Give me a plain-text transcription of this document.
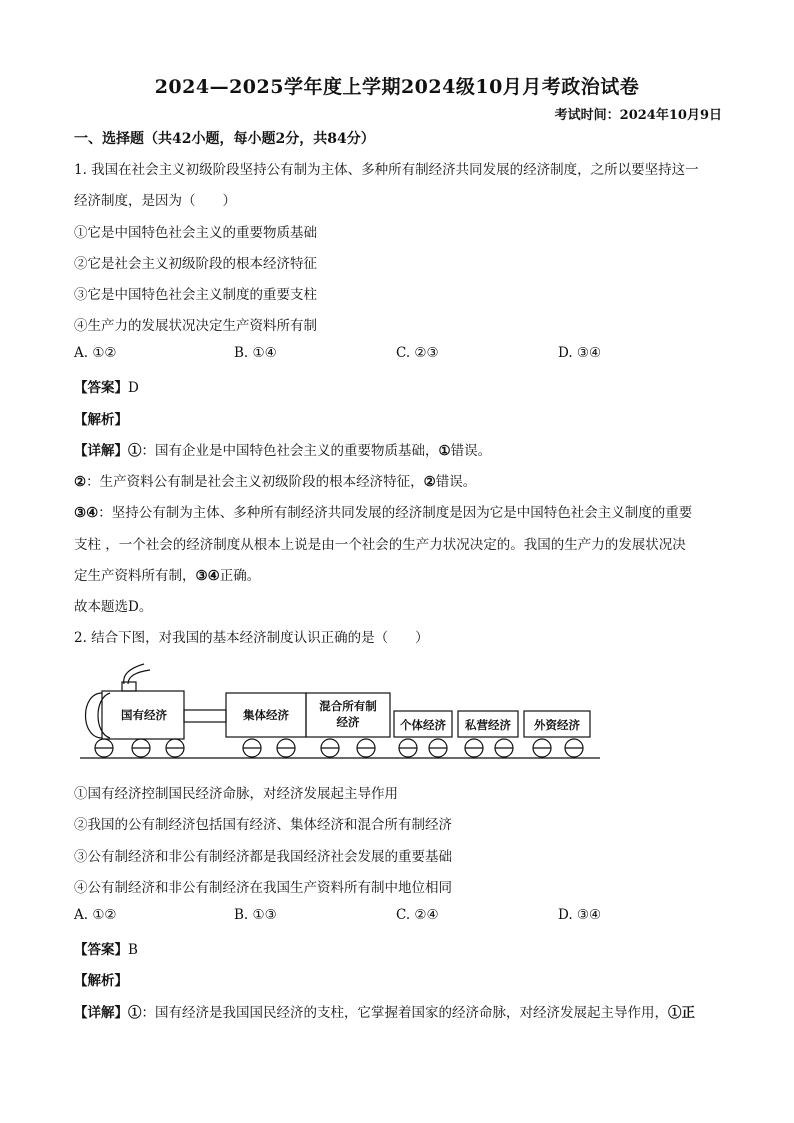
2024—2025学年度上学期2024级10月月考政治试卷
考试时间：2024年10月9日
一、选择题（共42小题，每小题2分，共84分）
1. 我国在社会主义初级阶段坚持公有制为主体、多种所有制经济共同发展的经济制度，之所以要坚持这一
经济制度，是因为（　　）
①它是中国特色社会主义的重要物质基础
②它是社会主义初级阶段的根本经济特征
③它是中国特色社会主义制度的重要支柱
④生产力的发展状况决定生产资料所有制
A. ①②	B. ①④	C. ②③	D. ③④
【答案】D
【解析】
【详解】①：国有企业是中国特色社会主义的重要物质基础，①错误。
②：生产资料公有制是社会主义初级阶段的根本经济特征，②错误。
③④：坚持公有制为主体、多种所有制经济共同发展的经济制度是因为它是中国特色社会主义制度的重要
支柱 ，一个社会的经济制度从根本上说是由一个社会的生产力状况决定的。我国的生产力的发展状况决
定生产资料所有制，③④正确。
故本题选D。
2. 结合下图，对我国的基本经济制度认识正确的是（　　）
国有经济	集体经济
混合所有制
经济	个体经济 私营经济 外资经济
①国有经济控制国民经济命脉，对经济发展起主导作用
②我国的公有制经济包括国有经济、集体经济和混合所有制经济
③公有制经济和非公有制经济都是我国经济社会发展的重要基础
④公有制经济和非公有制经济在我国生产资料所有制中地位相同
A. ①②	B. ①③	C. ②④	D. ③④
【答案】B
【解析】
【详解】①：国有经济是我国国民经济的支柱，它掌握着国家的经济命脉，对经济发展起主导作用，①正
